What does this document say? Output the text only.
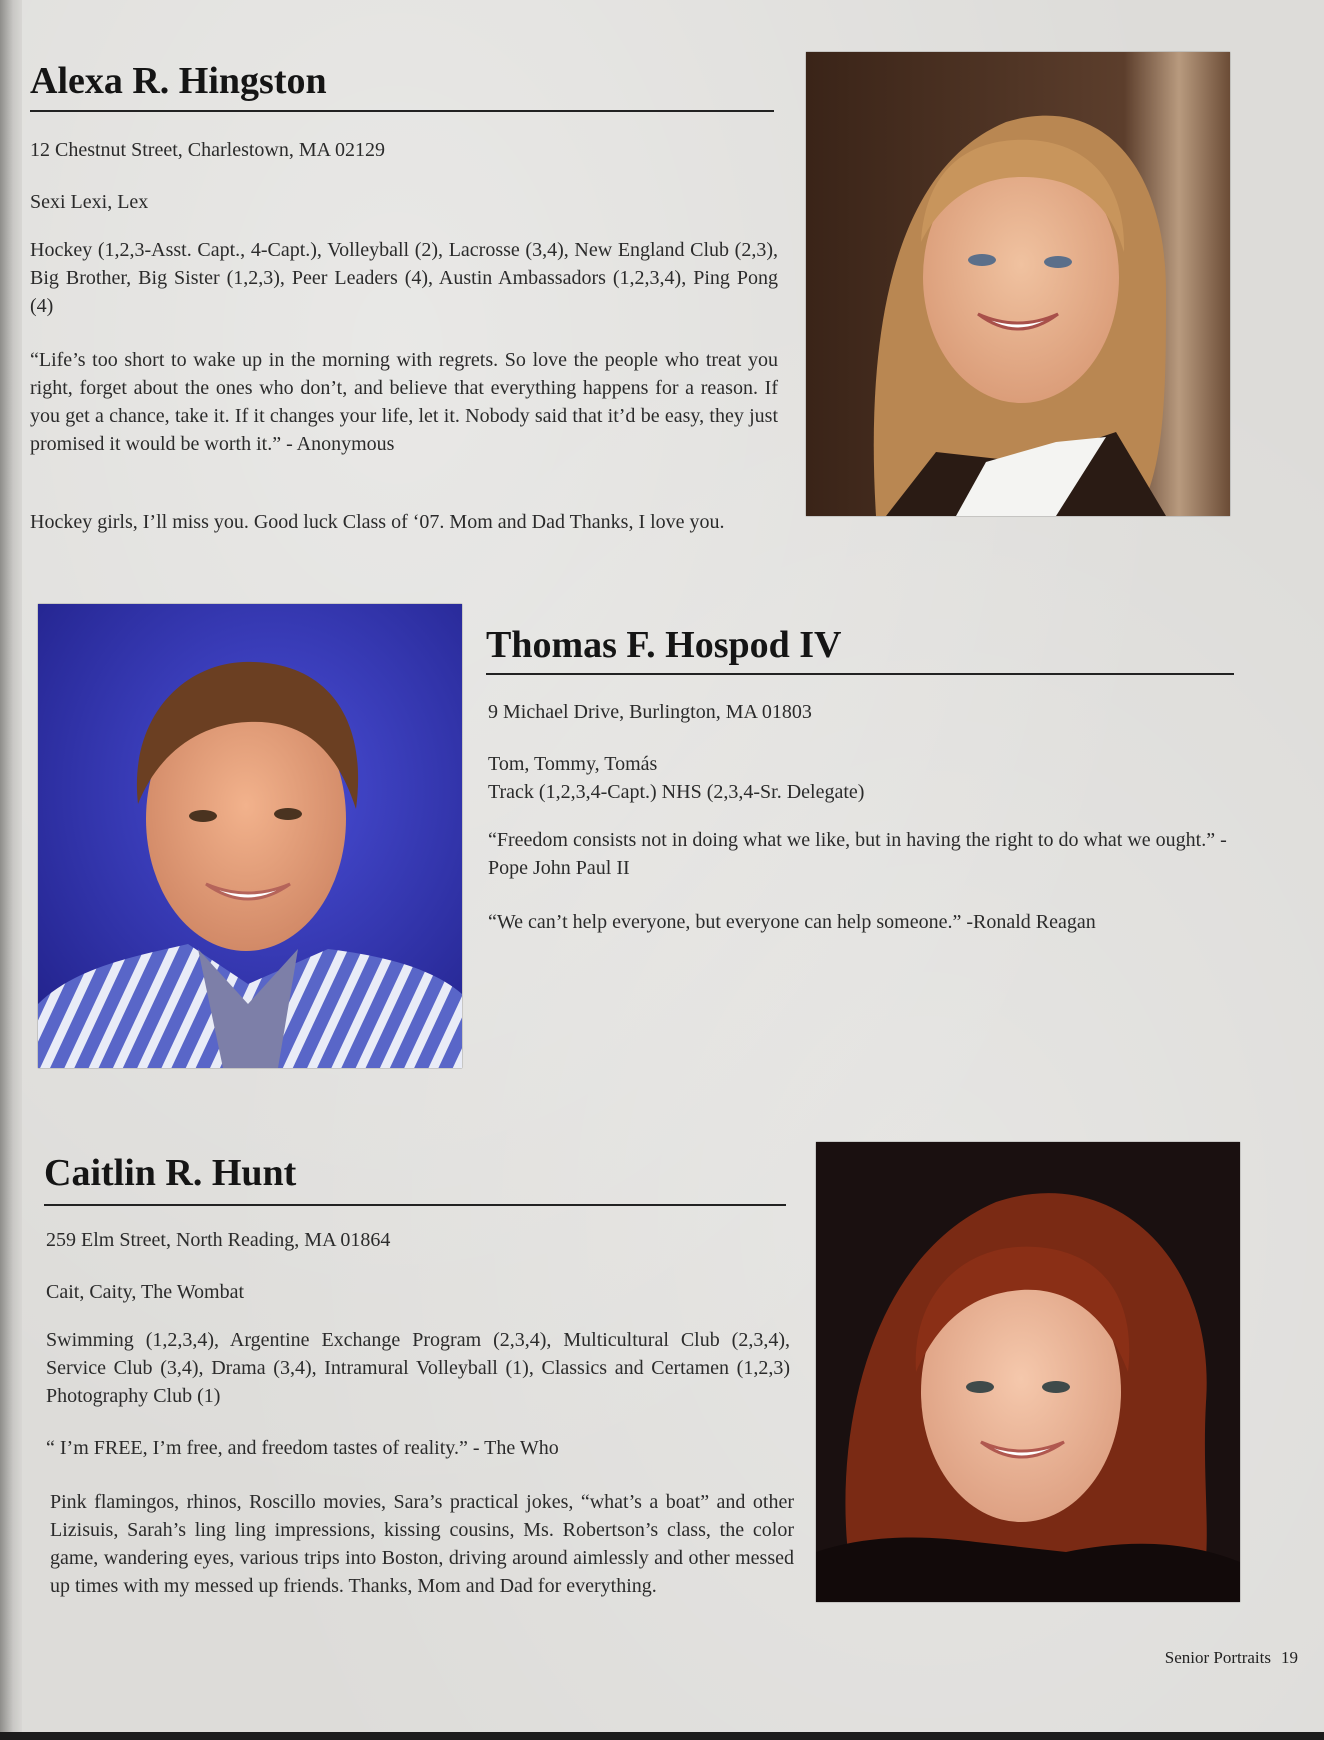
Alexa R. Hingston

12 Chestnut Street, Charlestown, MA 02129

Sexi Lexi, Lex

Hockey (1,2,3-Asst. Capt., 4-Capt.), Volleyball (2), Lacrosse (3,4), New England Club (2,3), Big Brother, Big Sister (1,2,3), Peer Leaders (4), Austin Ambassadors (1,2,3,4), Ping Pong (4)

“Life’s too short to wake up in the morning with regrets. So love the people who treat you right, forget about the ones who don’t, and believe that everything happens for a reason. If you get a chance, take it. If it changes your life, let it. Nobody said that it’d be easy, they just promised it would be worth it.” - Anonymous

Hockey girls, I’ll miss you. Good luck Class of ‘07. Mom and Dad Thanks, I love you.

Thomas F. Hospod IV

9 Michael Drive, Burlington, MA 01803

Tom, Tommy, Tomás

Track (1,2,3,4-Capt.) NHS (2,3,4-Sr. Delegate)

“Freedom consists not in doing what we like, but in having the right to do what we ought.” - Pope John Paul II

“We can’t help everyone, but everyone can help someone.” -Ronald Reagan

Caitlin R. Hunt

259 Elm Street, North Reading, MA 01864

Cait, Caity, The Wombat

Swimming (1,2,3,4), Argentine Exchange Program (2,3,4), Multicultural Club (2,3,4), Service Club (3,4), Drama (3,4), Intramural Volleyball (1), Classics and Certamen (1,2,3) Photography Club (1)

“ I’m FREE, I’m free, and freedom tastes of reality.” - The Who

Pink flamingos, rhinos, Roscillo movies, Sara’s practical jokes, “what’s a boat” and other Lizisuis, Sarah’s ling ling impressions, kissing cousins, Ms. Robertson’s class, the color game, wandering eyes, various trips into Boston, driving around aimlessly and other messed up times with my messed up friends. Thanks, Mom and Dad for everything.

Senior Portraits 19
